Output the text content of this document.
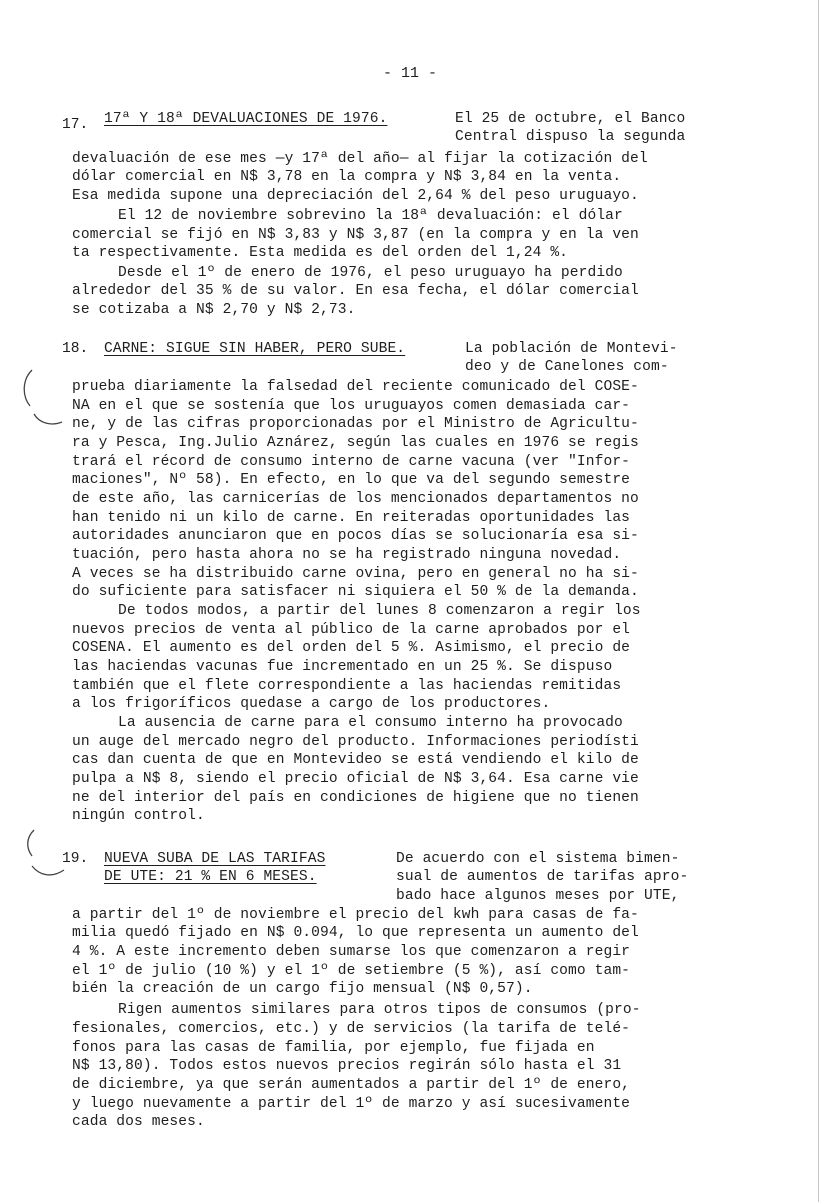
- 11 -
17. 17ª Y 18ª DEVALUACIONES DE 1976.	El 25 de octubre, el Banco
Central dispuso la segunda
devaluación de ese mes —y 17ª del año— al fijar la cotización del
dólar comercial en N$ 3,78 en la compra y N$ 3,84 en la venta.
Esa medida supone una depreciación del 2,64 % del peso uruguayo.
El 12 de noviembre sobrevino la 18ª devaluación: el dólar
comercial se fijó en N$ 3,83 y N$ 3,87 (en la compra y en la ven
ta respectivamente. Esta medida es del orden del 1,24 %.
Desde el 1º de enero de 1976, el peso uruguayo ha perdido
alrededor del 35 % de su valor. En esa fecha, el dólar comercial
se cotizaba a N$ 2,70 y N$ 2,73.
18. CARNE: SIGUE SIN HABER, PERO SUBE.	La población de Montevi-
deo y de Canelones com-
prueba diariamente la falsedad del reciente comunicado del COSE-
NA en el que se sostenía que los uruguayos comen demasiada car-
ne, y de las cifras proporcionadas por el Ministro de Agricultu-
ra y Pesca, Ing.Julio Aznárez, según las cuales en 1976 se regis
trará el récord de consumo interno de carne vacuna (ver "Infor-
maciones", Nº 58). En efecto, en lo que va del segundo semestre
de este año, las carnicerías de los mencionados departamentos no
han tenido ni un kilo de carne. En reiteradas oportunidades las
autoridades anunciaron que en pocos días se solucionaría esa si-
tuación, pero hasta ahora no se ha registrado ninguna novedad.
A veces se ha distribuido carne ovina, pero en general no ha si-
do suficiente para satisfacer ni siquiera el 50 % de la demanda.
De todos modos, a partir del lunes 8 comenzaron a regir los
nuevos precios de venta al público de la carne aprobados por el
COSENA. El aumento es del orden del 5 %. Asimismo, el precio de
las haciendas vacunas fue incrementado en un 25 %. Se dispuso
también que el flete correspondiente a las haciendas remitidas
a los frigoríficos quedase a cargo de los productores.
La ausencia de carne para el consumo interno ha provocado
un auge del mercado negro del producto. Informaciones periodísti
cas dan cuenta de que en Montevideo se está vendiendo el kilo de
pulpa a N$ 8, siendo el precio oficial de N$ 3,64. Esa carne vie
ne del interior del país en condiciones de higiene que no tienen
ningún control.
19. NUEVA SUBA DE LAS TARIFAS
DE UTE: 21 % EN 6 MESES.
De acuerdo con el sistema bimen-
sual de aumentos de tarifas apro-
bado hace algunos meses por UTE,
a partir del 1º de noviembre el precio del kwh para casas de fa-
milia quedó fijado en N$ 0.094, lo que representa un aumento del
4 %. A este incremento deben sumarse los que comenzaron a regir
el 1º de julio (10 %) y el 1º de setiembre (5 %), así como tam-
bién la creación de un cargo fijo mensual (N$ 0,57).
Rigen aumentos similares para otros tipos de consumos (pro-
fesionales, comercios, etc.) y de servicios (la tarifa de telé-
fonos para las casas de familia, por ejemplo, fue fijada en
N$ 13,80). Todos estos nuevos precios regirán sólo hasta el 31
de diciembre, ya que serán aumentados a partir del 1º de enero,
y luego nuevamente a partir del 1º de marzo y así sucesivamente
cada dos meses.
